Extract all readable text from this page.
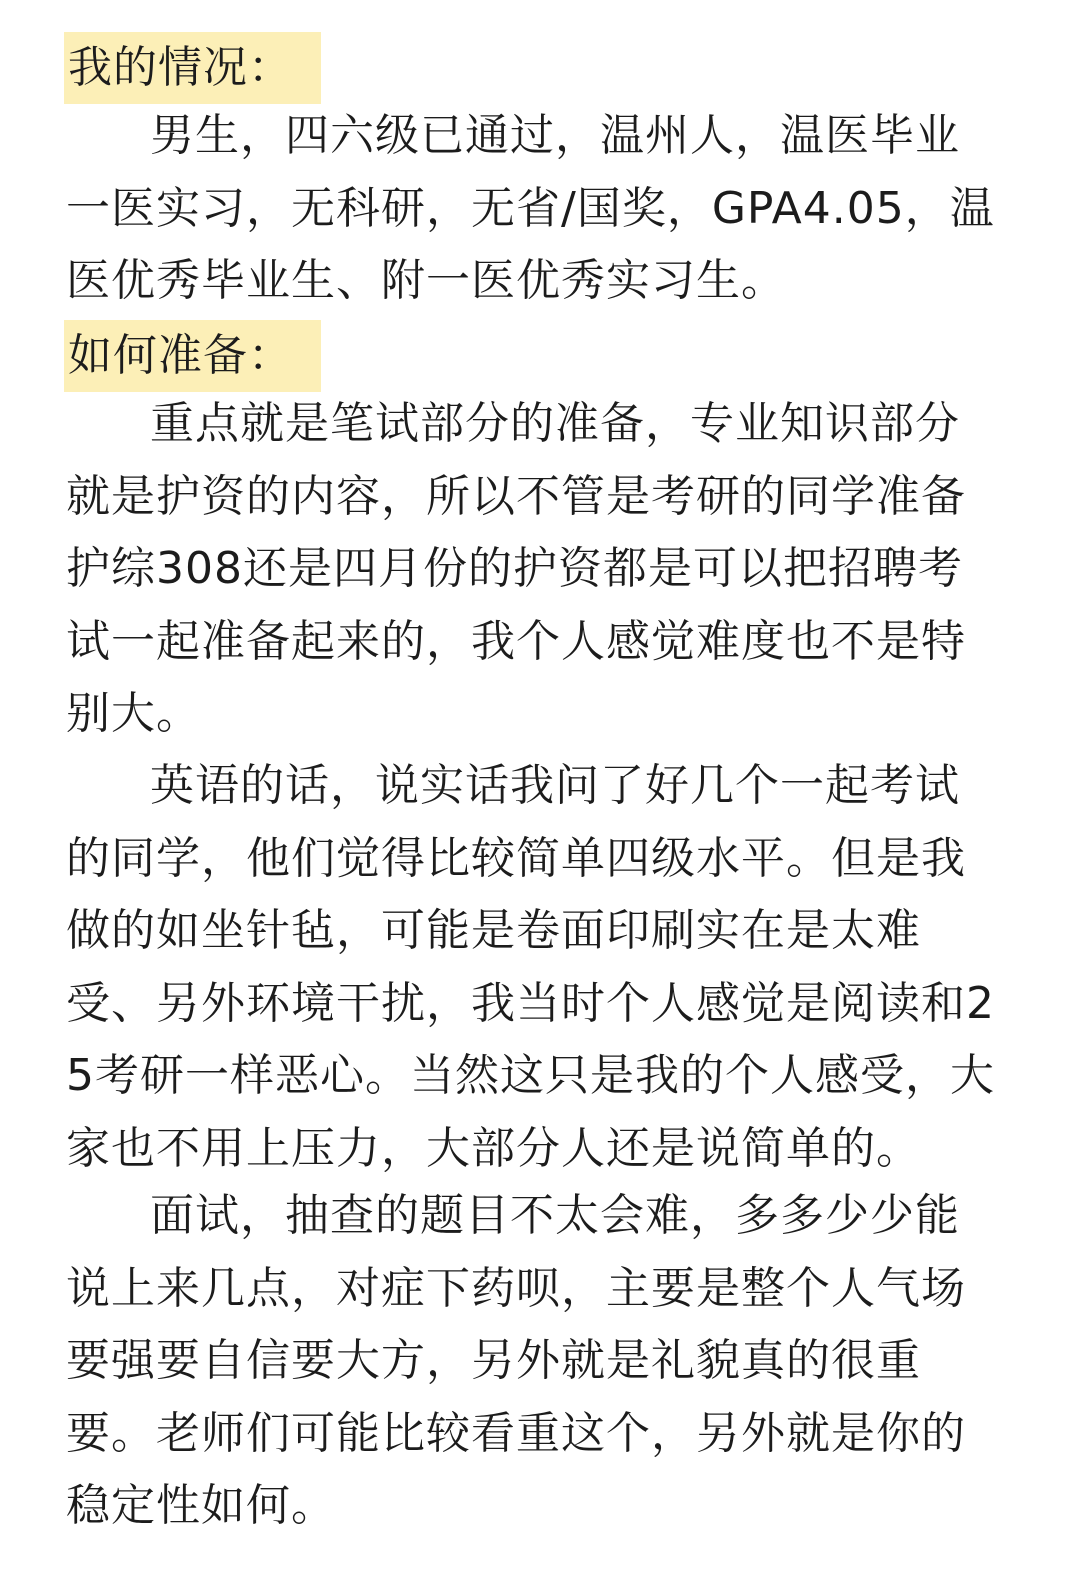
我的情况：

男生，四六级已通过，温州人，温医毕业一医实习，无科研，无省/国奖，GPA4.05，温医优秀毕业生、附一医优秀实习生。

如何准备：

重点就是笔试部分的准备，专业知识部分就是护资的内容，所以不管是考研的同学准备护综308还是四月份的护资都是可以把招聘考试一起准备起来的，我个人感觉难度也不是特别大。

英语的话，说实话我问了好几个一起考试的同学，他们觉得比较简单四级水平。但是我做的如坐针毡，可能是卷面印刷实在是太难受、另外环境干扰，我当时个人感觉是阅读和25考研一样恶心。当然这只是我的个人感受，大家也不用上压力，大部分人还是说简单的。

面试，抽查的题目不太会难，多多少少能说上来几点，对症下药呗，主要是整个人气场要强要自信要大方，另外就是礼貌真的很重要。老师们可能比较看重这个，另外就是你的稳定性如何。
